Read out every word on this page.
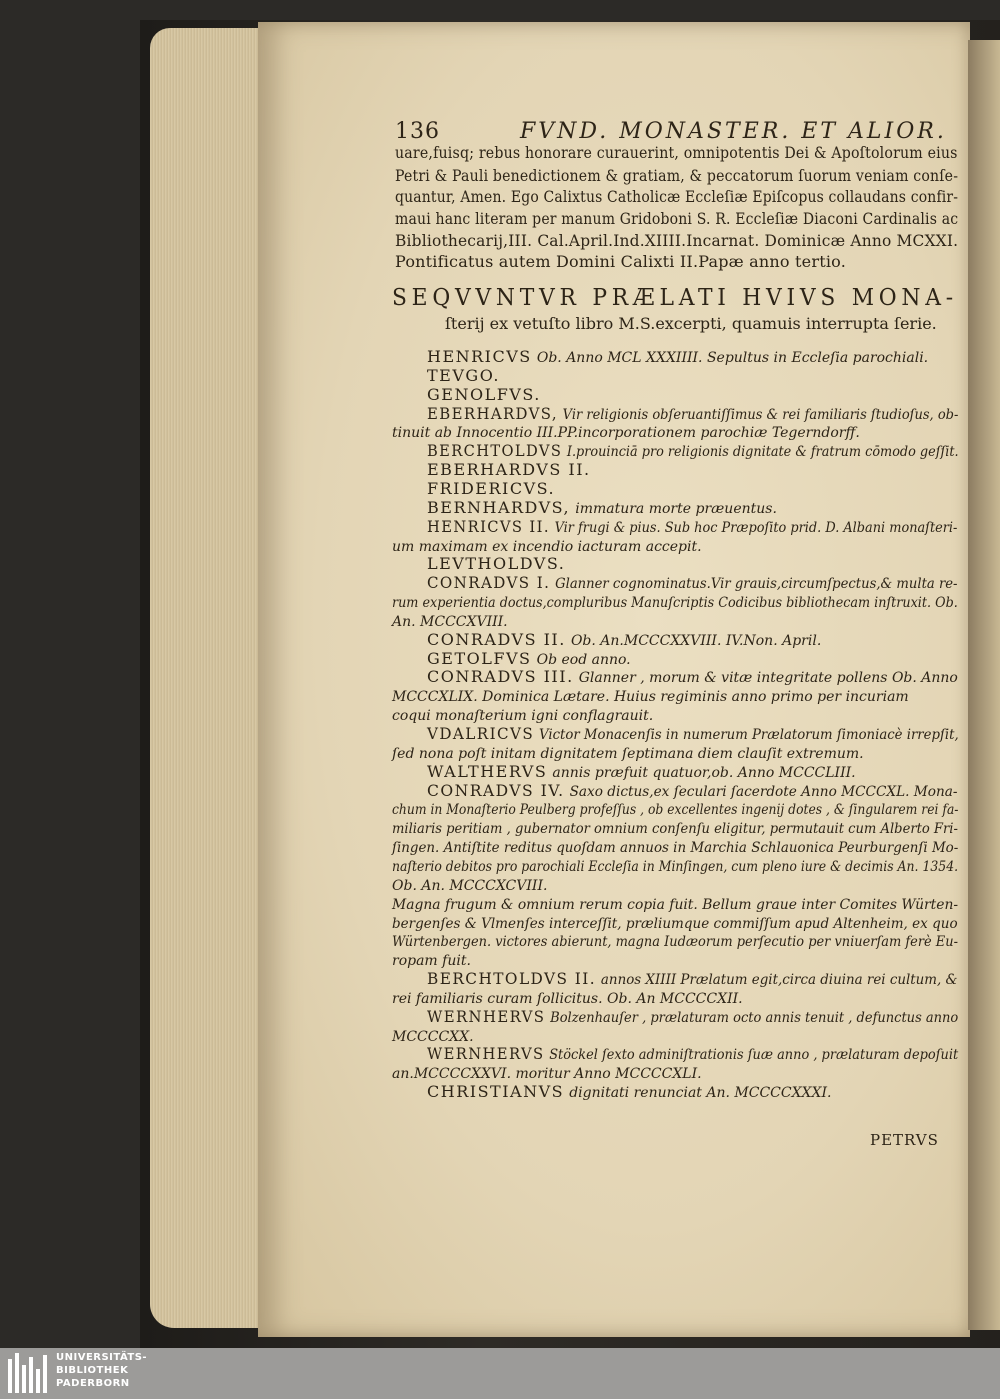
136	FVND. MONASTER. ET ALIOR.
uare,fuisq; rebus honorare curauerint, omnipotentis Dei & Apoſtolorum eius
Petri & Pauli benedictionem & gratiam, & peccatorum ſuorum veniam conſe-
quantur, Amen. Ego Calixtus Catholicæ Eccleſiæ Epiſcopus collaudans confir-
maui hanc literam per manum Gridoboni S. R. Eccleſiæ Diaconi Cardinalis ac
Bibliothecarij,III. Cal.April.Ind.XIIII.Incarnat. Dominicæ Anno MCXXI.
Pontificatus autem Domini Calixti II.Papæ anno tertio.
SEQVVNTVR PRÆLATI HVIVS MONA-
ſterij ex vetuſto libro M.S.excerpti, quamuis interrupta ſerie.
HENRICVS Ob. Anno MCL XXXIIII. Sepultus in Eccleſia parochiali.
TEVGO.
GENOLFVS.
EBERHARDVS, Vir religionis obſeruantiſſimus & rei familiaris ſtudioſus, ob-
tinuit ab Innocentio III.PP.incorporationem parochiæ Tegerndorff.
BERCHTOLDVS I.prouinciā pro religionis dignitate & fratrum cōmodo geſſit.
EBERHARDVS II.
FRIDERICVS.
BERNHARDVS, immatura morte præuentus.
HENRICVS II. Vir frugi & pius. Sub hoc Præpoſito prid. D. Albani monaſteri-
um maximam ex incendio iacturam accepit.
LEVTHOLDVS.
CONRADVS I. Glanner cognominatus.Vir grauis,circumſpectus,& multa re-
rum experientia doctus,compluribus Manuſcriptis Codicibus bibliothecam inſtruxit. Ob.
An. MCCCXVIII.
CONRADVS II. Ob. An.MCCCXXVIII. IV.Non. April.
GETOLFVS Ob eod anno.
CONRADVS III. Glanner , morum & vitæ integritate pollens Ob. Anno
MCCCXLIX. Dominica Lætare. Huius regiminis anno primo per incuriam
coqui monaſterium igni conflagrauit.
VDALRICVS Victor Monacenſis in numerum Prælatorum ſimoniacè irrepſit,
ſed nona poſt initam dignitatem ſeptimana diem clauſit extremum.
WALTHERVS annis præfuit quatuor,ob. Anno MCCCLIII.
CONRADVS IV. Saxo dictus,ex ſeculari ſacerdote Anno MCCCXL. Mona-
chum in Monaſterio Peulberg profeſſus , ob excellentes ingenij dotes , & ſingularem rei fa-
miliaris peritiam , gubernator omnium conſenſu eligitur, permutauit cum Alberto Fri-
ſingen. Antiſtite reditus quoſdam annuos in Marchia Schlauonica Peurburgenſi Mo-
naſterio debitos pro parochiali Eccleſia in Minſingen, cum pleno iure & decimis An. 1354.
Ob. An. MCCCXCVIII.
Magna frugum & omnium rerum copia fuit. Bellum graue inter Comites Würten-
bergenſes & Vlmenſes interceſſit, præliumque commiſſum apud Altenheim, ex quo
Würtenbergen. victores abierunt, magna Iudæorum perſecutio per vniuerſam ferè Eu-
ropam fuit.
BERCHTOLDVS II. annos XIIII Prælatum egit,circa diuina rei cultum, &
rei familiaris curam ſollicitus. Ob. An MCCCCXII.
WERNHERVS Bolzenhauſer , prælaturam octo annis tenuit , defunctus anno
MCCCCXX.
WERNHERVS Stöckel ſexto adminiſtrationis ſuæ anno , prælaturam depoſuit
an.MCCCCXXVI. moritur Anno MCCCCXLI.
CHRISTIANVS dignitati renunciat An. MCCCCXXXI.
PETRVS
UNIVERSITÄTS-
BIBLIOTHEK
PADERBORN
